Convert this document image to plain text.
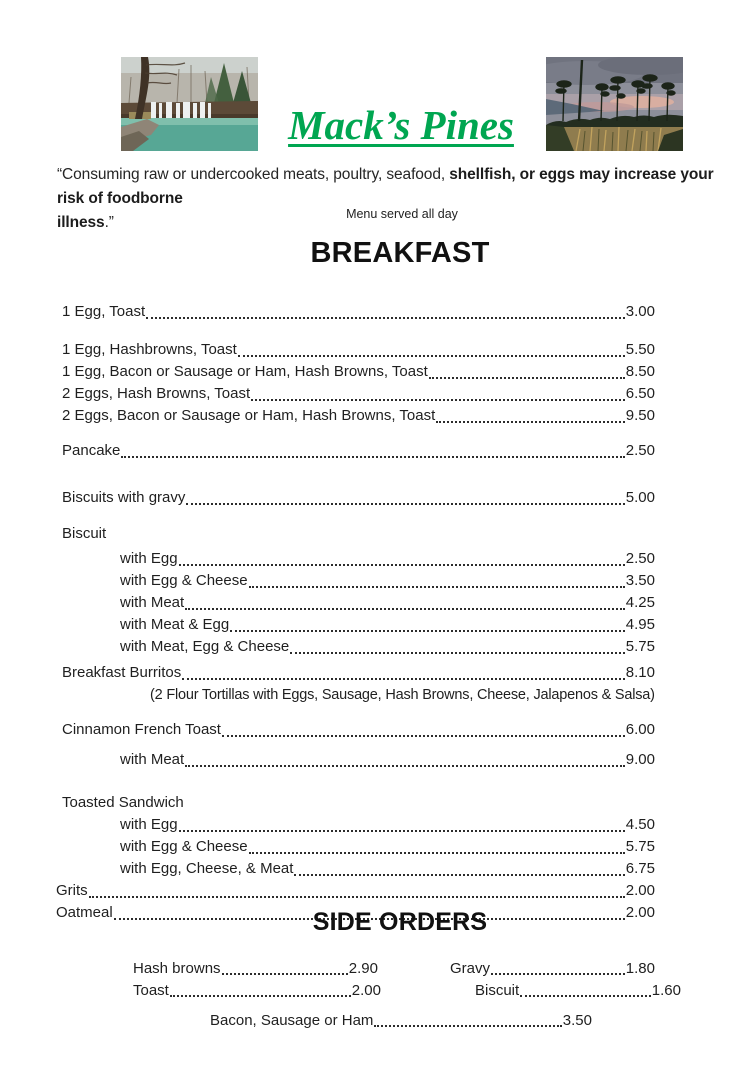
Mack’s Pines

“Consuming raw or undercooked meats, poultry, seafood, shellfish, or eggs may increase your risk of foodborne
illness.”	Menu served all day
BREAKFAST
1 Egg, Toast	3.00
1 Egg, Hashbrowns, Toast	5.50
1 Egg, Bacon or Sausage or Ham, Hash Browns, Toast	8.50
2 Eggs, Hash Browns, Toast	6.50
2 Eggs, Bacon or Sausage or Ham, Hash Browns, Toast	9.50
Pancake	2.50
Biscuits with gravy	5.00
Biscuit
with Egg	2.50
with Egg & Cheese	3.50
with Meat	4.25
with Meat & Egg	4.95
with Meat, Egg & Cheese	5.75
Breakfast Burritos	8.10
(2 Flour Tortillas with Eggs, Sausage, Hash Browns, Cheese, Jalapenos & Salsa)
Cinnamon French Toast	6.00
with Meat	9.00
Toasted Sandwich
with Egg	4.50
with Egg & Cheese	5.75
with Egg, Cheese, & Meat	6.75
Grits	2.00
Oatmeal	2.00
SIDE ORDERS
Hash browns	2.90	Gravy	1.80
Toast	2.00	Biscuit	1.60
Bacon, Sausage or Ham	3.50
